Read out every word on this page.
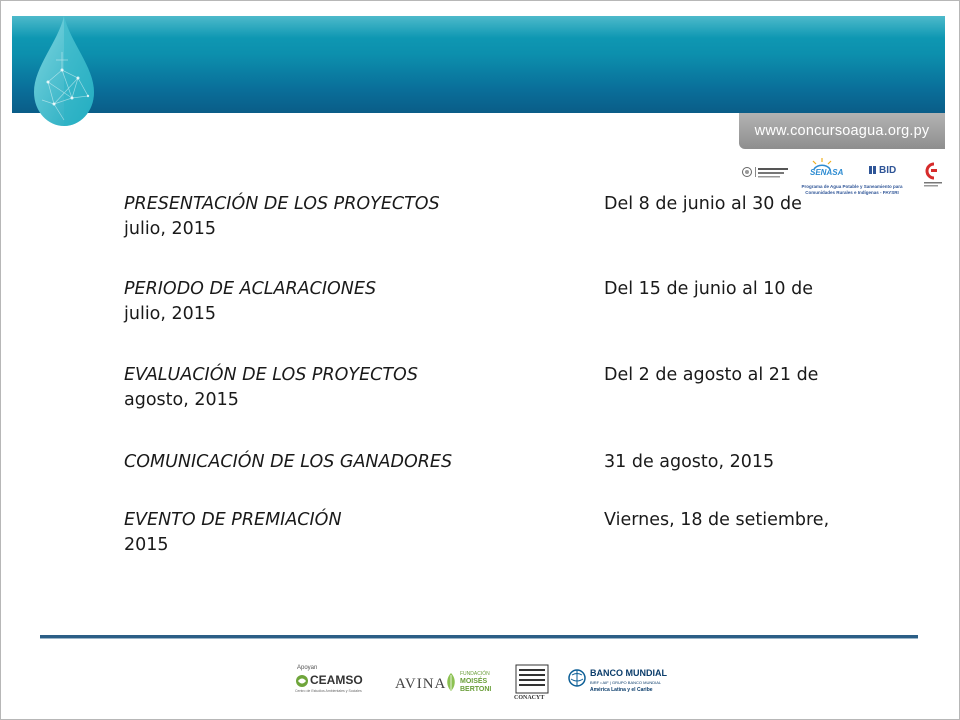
www.concursoagua.org.py
SENASA	BID
Programa de Agua Potable y Saneamiento para Comunidades Rurales e Indígenas - PAYSRI
PRESENTACIÓN DE LOS PROYECTOS	Del 8 de junio al 30 de julio, 2015
PERIODO DE ACLARACIONES	Del 15 de junio al 10 de julio, 2015
EVALUACIÓN DE LOS PROYECTOS	Del 2 de agosto al 21 de agosto, 2015
COMUNICACIÓN DE LOS GANADORES	31 de agosto, 2015
EVENTO DE PREMIACIÓN	Viernes, 18 de setiembre, 2015
Apoyan
CEAMSO
Centro de Estudios Ambientales y Sociales AVINA
FUNDACIÓN
MOISÉS
BERTONI
CONACYT
BANCO MUNDIAL
BIRF • AIF | GRUPO BANCO MUNDIAL
América Latina y el Caribe
